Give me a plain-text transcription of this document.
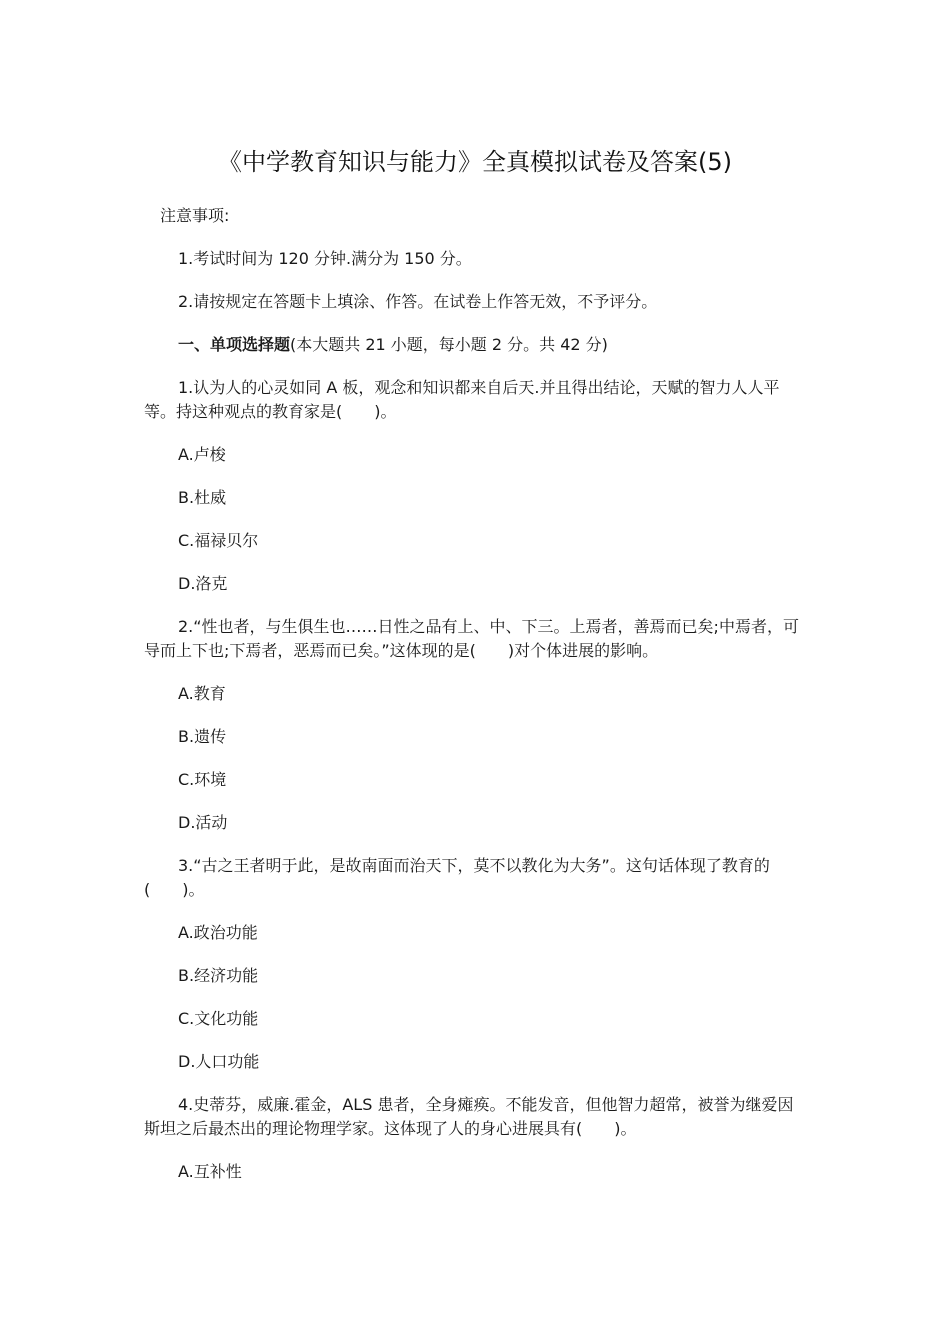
《中学教育知识与能力》全真模拟试卷及答案(5)

注意事项:

1.考试时间为 120 分钟.满分为 150 分。

2.请按规定在答题卡上填涂、作答。在试卷上作答无效，不予评分。

一、单项选择题(本大题共 21 小题，每小题 2 分。共 42 分)

1.认为人的心灵如同 A 板，观念和知识都来自后天.并且得出结论，天赋的智力人人平等。持这种观点的教育家是(　　)。

A.卢梭

B.杜威

C.福禄贝尔

D.洛克

2.“性也者，与生俱生也……日性之品有上、中、下三。上焉者，善焉而已矣;中焉者，可导而上下也;下焉者，恶焉而已矣。”这体现的是(　　)对个体进展的影响。

A.教育

B.遗传

C.环境

D.活动

3.“古之王者明于此，是故南面而治天下，莫不以教化为大务”。这句话体现了教育的(　　)。

A.政治功能

B.经济功能

C.文化功能

D.人口功能

4.史蒂芬，威廉.霍金，ALS 患者，全身瘫痪。不能发音，但他智力超常，被誉为继爱因斯坦之后最杰出的理论物理学家。这体现了人的身心进展具有(　　)。

A.互补性
